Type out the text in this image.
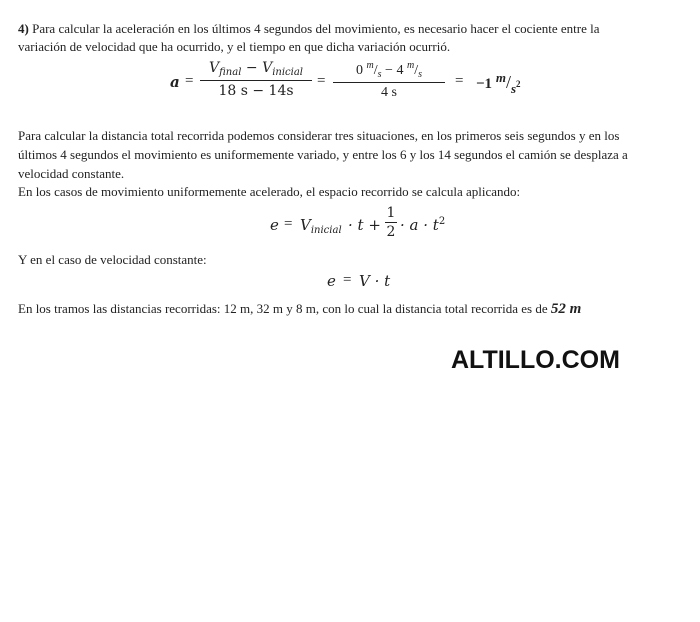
4) Para calcular la aceleración en los últimos 4 segundos del movimiento, es necesario hacer el cociente entre la
variación de velocidad que ha ocurrido, y el tiempo en que dicha variación ocurrió.
a =
$V_{final} - V_{inicial}$
18 s − 14s
=
0 $^m/_s - 4$ $^m/_s$
4 s
= −1 m/s2
Para calcular la distancia total recorrida podemos considerar tres situaciones, en los primeros seis segundos y en los
últimos 4 segundos el movimiento es uniformemente variado, y entre los 6 y los 14 segundos el camión se desplaza a
velocidad constante.
En los casos de movimiento uniformemente acelerado, el espacio recorrido se calcula aplicando:
$e = V_{inicial} \cdot t$ +
1
$2 \cdot a \cdot t^2$
Y en el caso de velocidad constante:
e = V · t
En los tramos las distancias recorridas: 12 m, 32 m y 8 m, con lo cual la distancia total recorrida es de 52 m
ALTILLO.COM
